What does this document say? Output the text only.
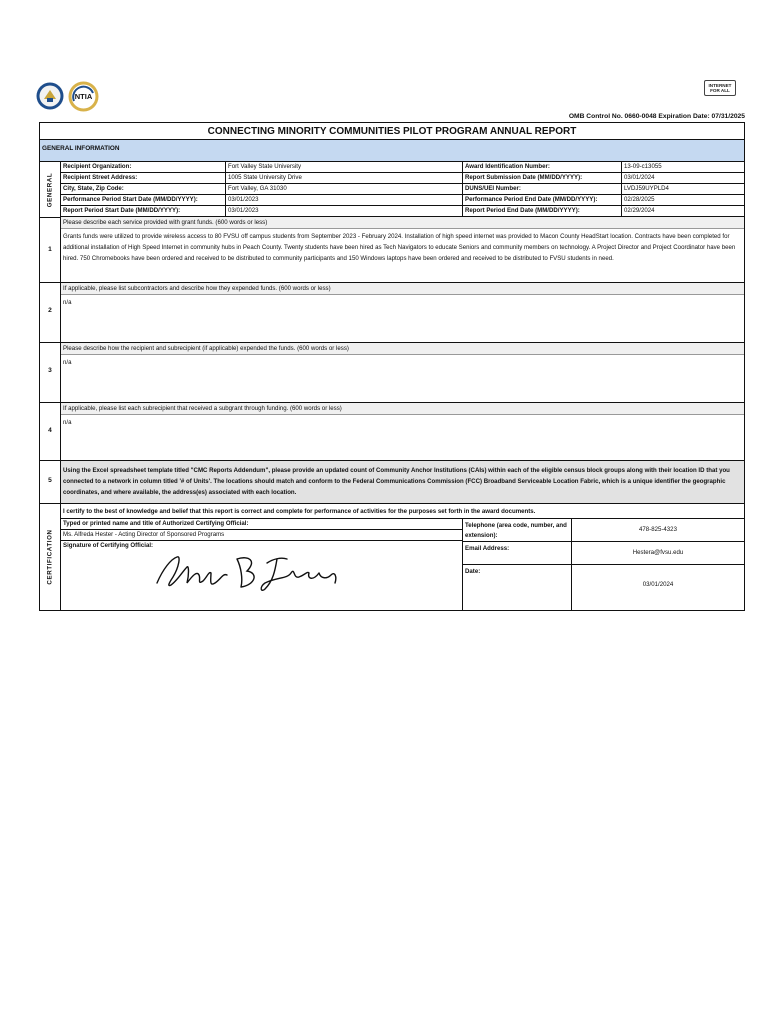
NTIA
INTERNET
FOR ALL
OMB Control No. 0660-0048 Expiration Date: 07/31/2025
CONNECTING MINORITY COMMUNITIES PILOT PROGRAM ANNUAL REPORT
GENERAL INFORMATION
GENERAL
Recipient Organization:
Recipient Street Address:
City, State, Zip Code:
Performance Period Start Date (MM/DD/YYYY):
Report Period Start Date (MM/DD/YYYY):
Fort Valley State University
1005 State University Drive
Fort Valley, GA 31030
03/01/2023
03/01/2023
Award Identification Number:
Report Submission Date (MM/DD/YYYY):
DUNS/UEI Number:
Performance Period End Date (MM/DD/YYYY):
Report Period End Date (MM/DD/YYYY):
13-09-c13055
03/01/2024
LVDJ59UYPLD4
02/28/2025
02/29/2024
1
Please describe each service provided with grant funds. (600 words or less)
Grants funds were utilized to provide wireless access to 80 FVSU off campus students from September 2023 - February 2024. Installation of high speed internet was provided to Macon County HeadStart location. Contracts have been completed for additional installation of High Speed Internet in community hubs in Peach County. Twenty students have been hired as Tech Navigators to educate Seniors and community members on technology. A Project Director and Project Coordinator have been hired. 750 Chromebooks have been ordered and received to be distributed to community participants and 150 Windows laptops have been ordered and received to be distributed to FVSU students in need.
2
If applicable, please list subcontractors and describe how they expended funds. (600 words or less)
n/a
3
Please describe how the recipient and subrecipient (if applicable) expended the funds. (600 words or less)
n/a
4
If applicable, please list each subrecipient that received a subgrant through funding. (600 words or less)
n/a
5
Using the Excel spreadsheet template titled "CMC Reports Addendum", please provide an updated count of Community Anchor Institutions (CAIs) within each of the eligible census block groups along with their location ID that you connected to a network in column titled '# of Units'. The locations should match and conform to the Federal Communications Commission (FCC) Broadband Serviceable Location Fabric, which is a unique identifier the geographic coordinates, and where available, the address(es) associated with each location.
CERTIFICATION
I certify to the best of knowledge and belief that this report is correct and complete for performance of activities for the purposes set forth in the award documents.
Typed or printed name and title of Authorized Certifying Official:
Ms. Alfreda Hester - Acting Director of Sponsored Programs
Signature of Certifying Official:
Telephone (area code, number, and extension):
Email Address:
Date:
478-825-4323
Hestera@fvsu.edu
03/01/2024
